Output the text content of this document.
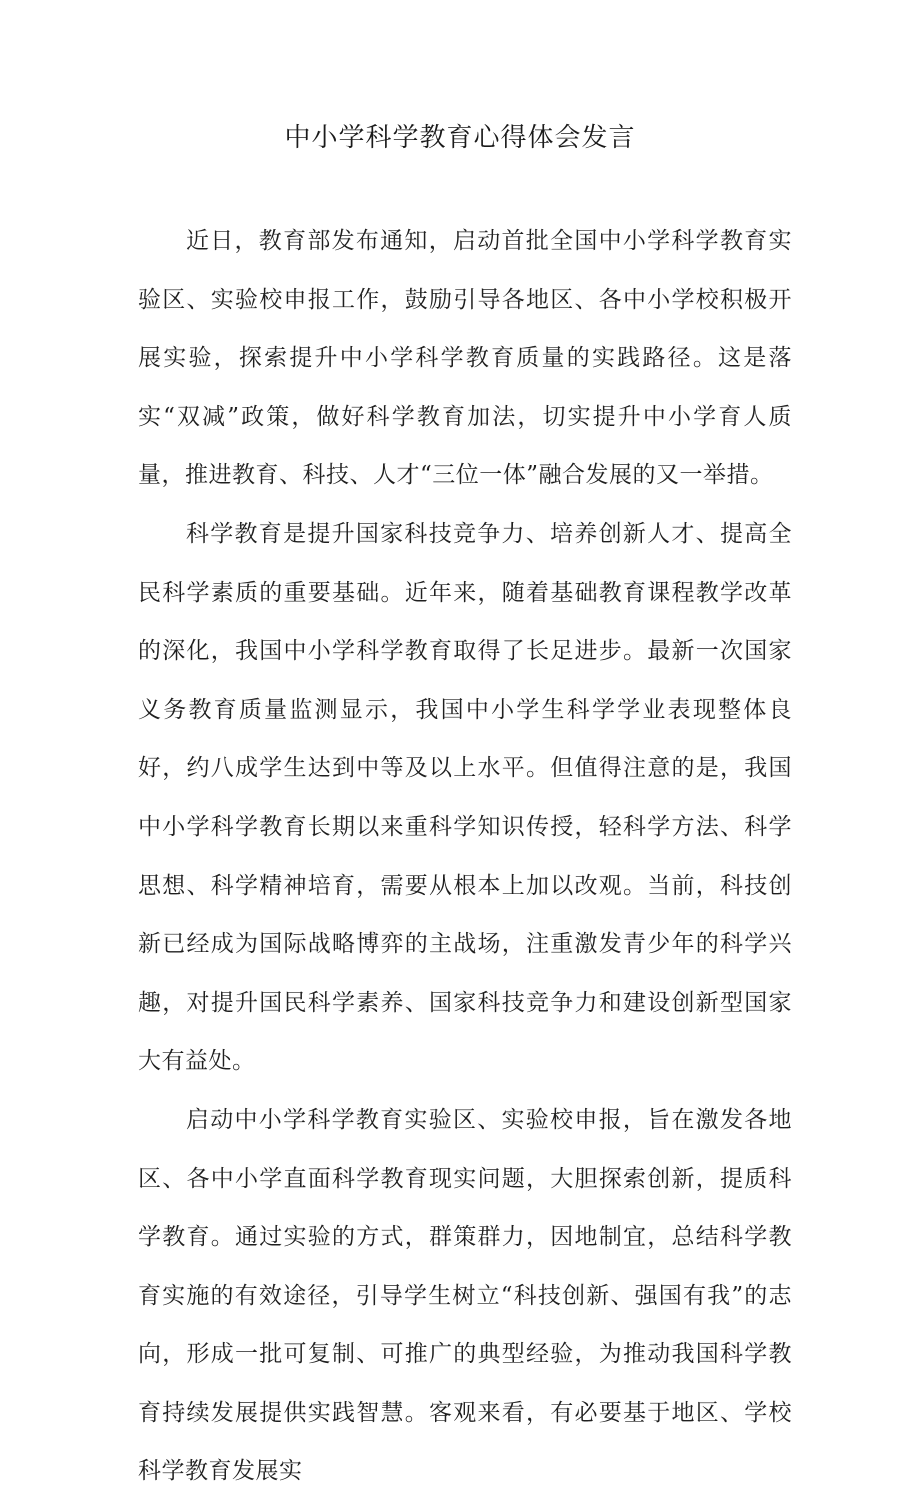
中小学科学教育心得体会发言

近日，教育部发布通知，启动首批全国中小学科学教育实验区、实验校申报工作，鼓励引导各地区、各中小学校积极开展实验，探索提升中小学科学教育质量的实践路径。这是落实“双减”政策，做好科学教育加法，切实提升中小学育人质量，推进教育、科技、人才“三位一体”融合发展的又一举措。

科学教育是提升国家科技竞争力、培养创新人才、提高全民科学素质的重要基础。近年来，随着基础教育课程教学改革的深化，我国中小学科学教育取得了长足进步。最新一次国家义务教育质量监测显示，我国中小学生科学学业表现整体良好，约八成学生达到中等及以上水平。但值得注意的是，我国中小学科学教育长期以来重科学知识传授，轻科学方法、科学思想、科学精神培育，需要从根本上加以改观。当前，科技创新已经成为国际战略博弈的主战场，注重激发青少年的科学兴趣，对提升国民科学素养、国家科技竞争力和建设创新型国家大有益处。

启动中小学科学教育实验区、实验校申报，旨在激发各地区、各中小学直面科学教育现实问题，大胆探索创新，提质科学教育。通过实验的方式，群策群力，因地制宜，总结科学教育实施的有效途径，引导学生树立“科技创新、强国有我”的志向，形成一批可复制、可推广的典型经验，为推动我国科学教育持续发展提供实践智慧。客观来看，有必要基于地区、学校科学教育发展实
